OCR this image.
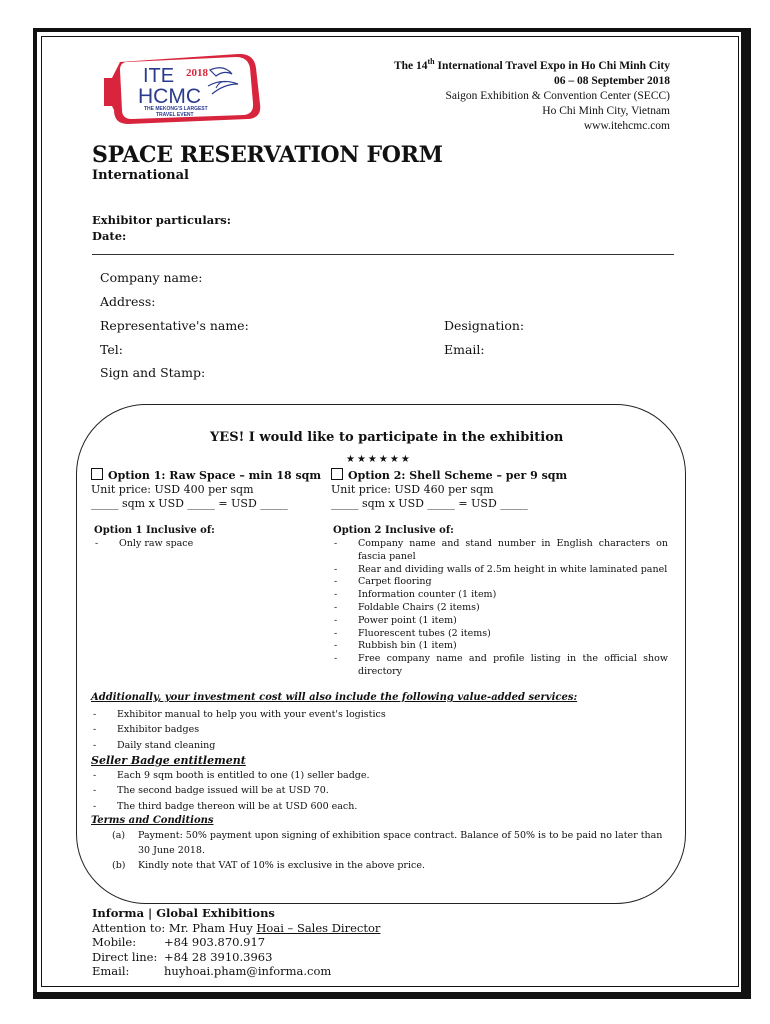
ITE 2018
HCMC
THE MEKONG'S LARGEST
TRAVEL EVENT
The 14th International Travel Expo in Ho Chi Minh City
06 – 08 September 2018
Saigon Exhibition & Convention Center (SECC)
Ho Chi Minh City, Vietnam
www.itehcmc.com
SPACE RESERVATION FORM
International
Exhibitor particulars:
Date:
Company name:
Address:
Representative's name:	Designation:
Tel:	Email:
Sign and Stamp:
YES! I would like to participate in the exhibition
★★★★★★
Option 1: Raw Space – min 18 sqm
Unit price: USD 400 per sqm
_____ sqm x USD _____ = USD _____
Option 2: Shell Scheme – per 9 sqm
Unit price: USD 460 per sqm
_____ sqm x USD _____ = USD _____
Option 1 Inclusive of:
- Only raw space
Option 2 Inclusive of:
- Company name and stand number in English characters on fascia panel
- Rear and dividing walls of 2.5m height in white laminated panel
- Carpet flooring
- Information counter (1 item)
- Foldable Chairs (2 items)
- Power point (1 item)
- Fluorescent tubes (2 items)
- Rubbish bin (1 item)
- Free company name and profile listing in the official show directory
Additionally, your investment cost will also include the following value-added services:
- Exhibitor manual to help you with your event's logistics
- Exhibitor badges
- Daily stand cleaning
Seller Badge entitlement
- Each 9 sqm booth is entitled to one (1) seller badge.
- The second badge issued will be at USD 70.
- The third badge thereon will be at USD 600 each.
Terms and Conditions
(a) Payment: 50% payment upon signing of exhibition space contract. Balance of 50% is to be paid no later than 30 June 2018.
(b) Kindly note that VAT of 10% is exclusive in the above price.
Informa | Global Exhibitions
Attention to: Mr. Pham Huy Hoai – Sales Director
Mobile: +84 903.870.917
Direct line: +84 28 3910.3963
Email:	huyhoai.pham@informa.com
